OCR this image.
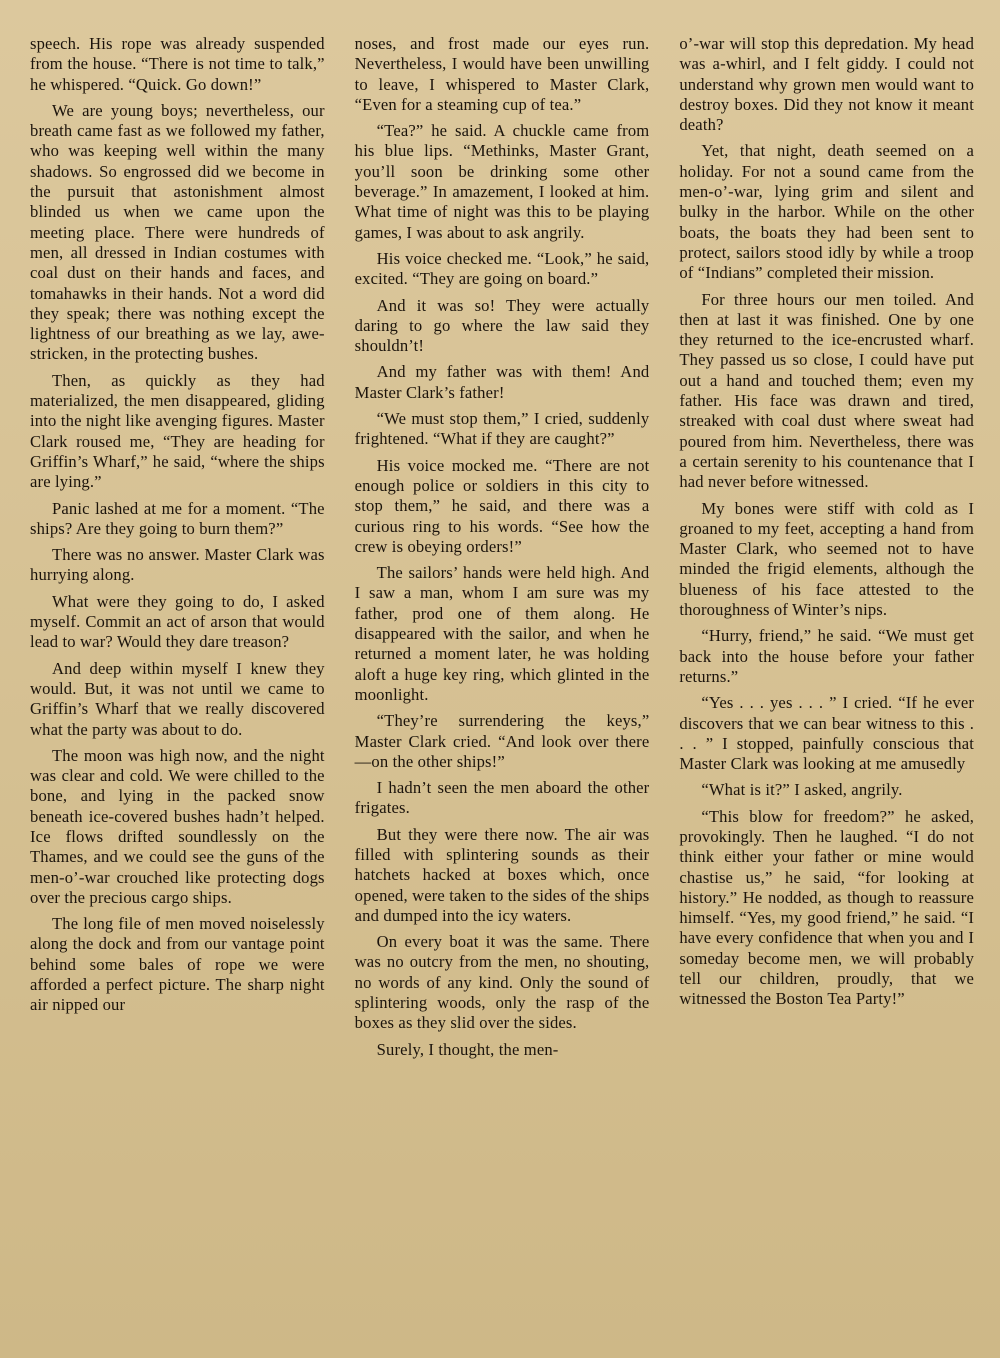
speech. His rope was already suspended from the house. “There is not time to talk,” he whispered. “Quick. Go down!”

We are young boys; nevertheless, our breath came fast as we followed my father, who was keeping well within the many shadows. So engrossed did we become in the pursuit that astonishment almost blinded us when we came upon the meeting place. There were hundreds of men, all dressed in Indian costumes with coal dust on their hands and faces, and tomahawks in their hands. Not a word did they speak; there was nothing except the lightness of our breathing as we lay, awe-stricken, in the protecting bushes.

Then, as quickly as they had materialized, the men disappeared, gliding into the night like avenging figures. Master Clark roused me, “They are heading for Griffin’s Wharf,” he said, “where the ships are lying.”

Panic lashed at me for a moment. “The ships? Are they going to burn them?”

There was no answer. Master Clark was hurrying along.

What were they going to do, I asked myself. Commit an act of arson that would lead to war? Would they dare treason?

And deep within myself I knew they would. But, it was not until we came to Griffin’s Wharf that we really discovered what the party was about to do.

The moon was high now, and the night was clear and cold. We were chilled to the bone, and lying in the packed snow beneath ice-covered bushes hadn’t helped. Ice flows drifted soundlessly on the Thames, and we could see the guns of the men-o’-war crouched like protecting dogs over the precious cargo ships.

The long file of men moved noiselessly along the dock and from our vantage point behind some bales of rope we were afforded a perfect picture. The sharp night air nipped our

noses, and frost made our eyes run. Nevertheless, I would have been unwilling to leave, I whispered to Master Clark, “Even for a steaming cup of tea.”

“Tea?” he said. A chuckle came from his blue lips. “Methinks, Master Grant, you’ll soon be drinking some other beverage.” In amazement, I looked at him. What time of night was this to be playing games, I was about to ask angrily.

His voice checked me. “Look,” he said, excited. “They are going on board.”

And it was so! They were actually daring to go where the law said they shouldn’t!

And my father was with them! And Master Clark’s father!

“We must stop them,” I cried, suddenly frightened. “What if they are caught?”

His voice mocked me. “There are not enough police or soldiers in this city to stop them,” he said, and there was a curious ring to his words. “See how the crew is obeying orders!”

The sailors’ hands were held high. And I saw a man, whom I am sure was my father, prod one of them along. He disappeared with the sailor, and when he returned a moment later, he was holding aloft a huge key ring, which glinted in the moonlight.

“They’re surrendering the keys,” Master Clark cried. “And look over there—on the other ships!”

I hadn’t seen the men aboard the other frigates.

But they were there now. The air was filled with splintering sounds as their hatchets hacked at boxes which, once opened, were taken to the sides of the ships and dumped into the icy waters.

On every boat it was the same. There was no outcry from the men, no shouting, no words of any kind. Only the sound of splintering woods, only the rasp of the boxes as they slid over the sides.

Surely, I thought, the men-

o’-war will stop this depredation. My head was a-whirl, and I felt giddy. I could not understand why grown men would want to destroy boxes. Did they not know it meant death?

Yet, that night, death seemed on a holiday. For not a sound came from the men-o’-war, lying grim and silent and bulky in the harbor. While on the other boats, the boats they had been sent to protect, sailors stood idly by while a troop of “Indians” completed their mission.

For three hours our men toiled. And then at last it was finished. One by one they returned to the ice-encrusted wharf. They passed us so close, I could have put out a hand and touched them; even my father. His face was drawn and tired, streaked with coal dust where sweat had poured from him. Nevertheless, there was a certain serenity to his countenance that I had never before witnessed.

My bones were stiff with cold as I groaned to my feet, accepting a hand from Master Clark, who seemed not to have minded the frigid elements, although the blueness of his face attested to the thoroughness of Winter’s nips.

“Hurry, friend,” he said. “We must get back into the house before your father returns.”

“Yes . . . yes . . . ” I cried. “If he ever discovers that we can bear witness to this . . . ” I stopped, painfully conscious that Master Clark was looking at me amusedly

“What is it?” I asked, angrily.

“This blow for freedom?” he asked, provokingly. Then he laughed. “I do not think either your father or mine would chastise us,” he said, “for looking at history.” He nodded, as though to reassure himself. “Yes, my good friend,” he said. “I have every confidence that when you and I someday become men, we will probably tell our children, proudly, that we witnessed the Boston Tea Party!”
